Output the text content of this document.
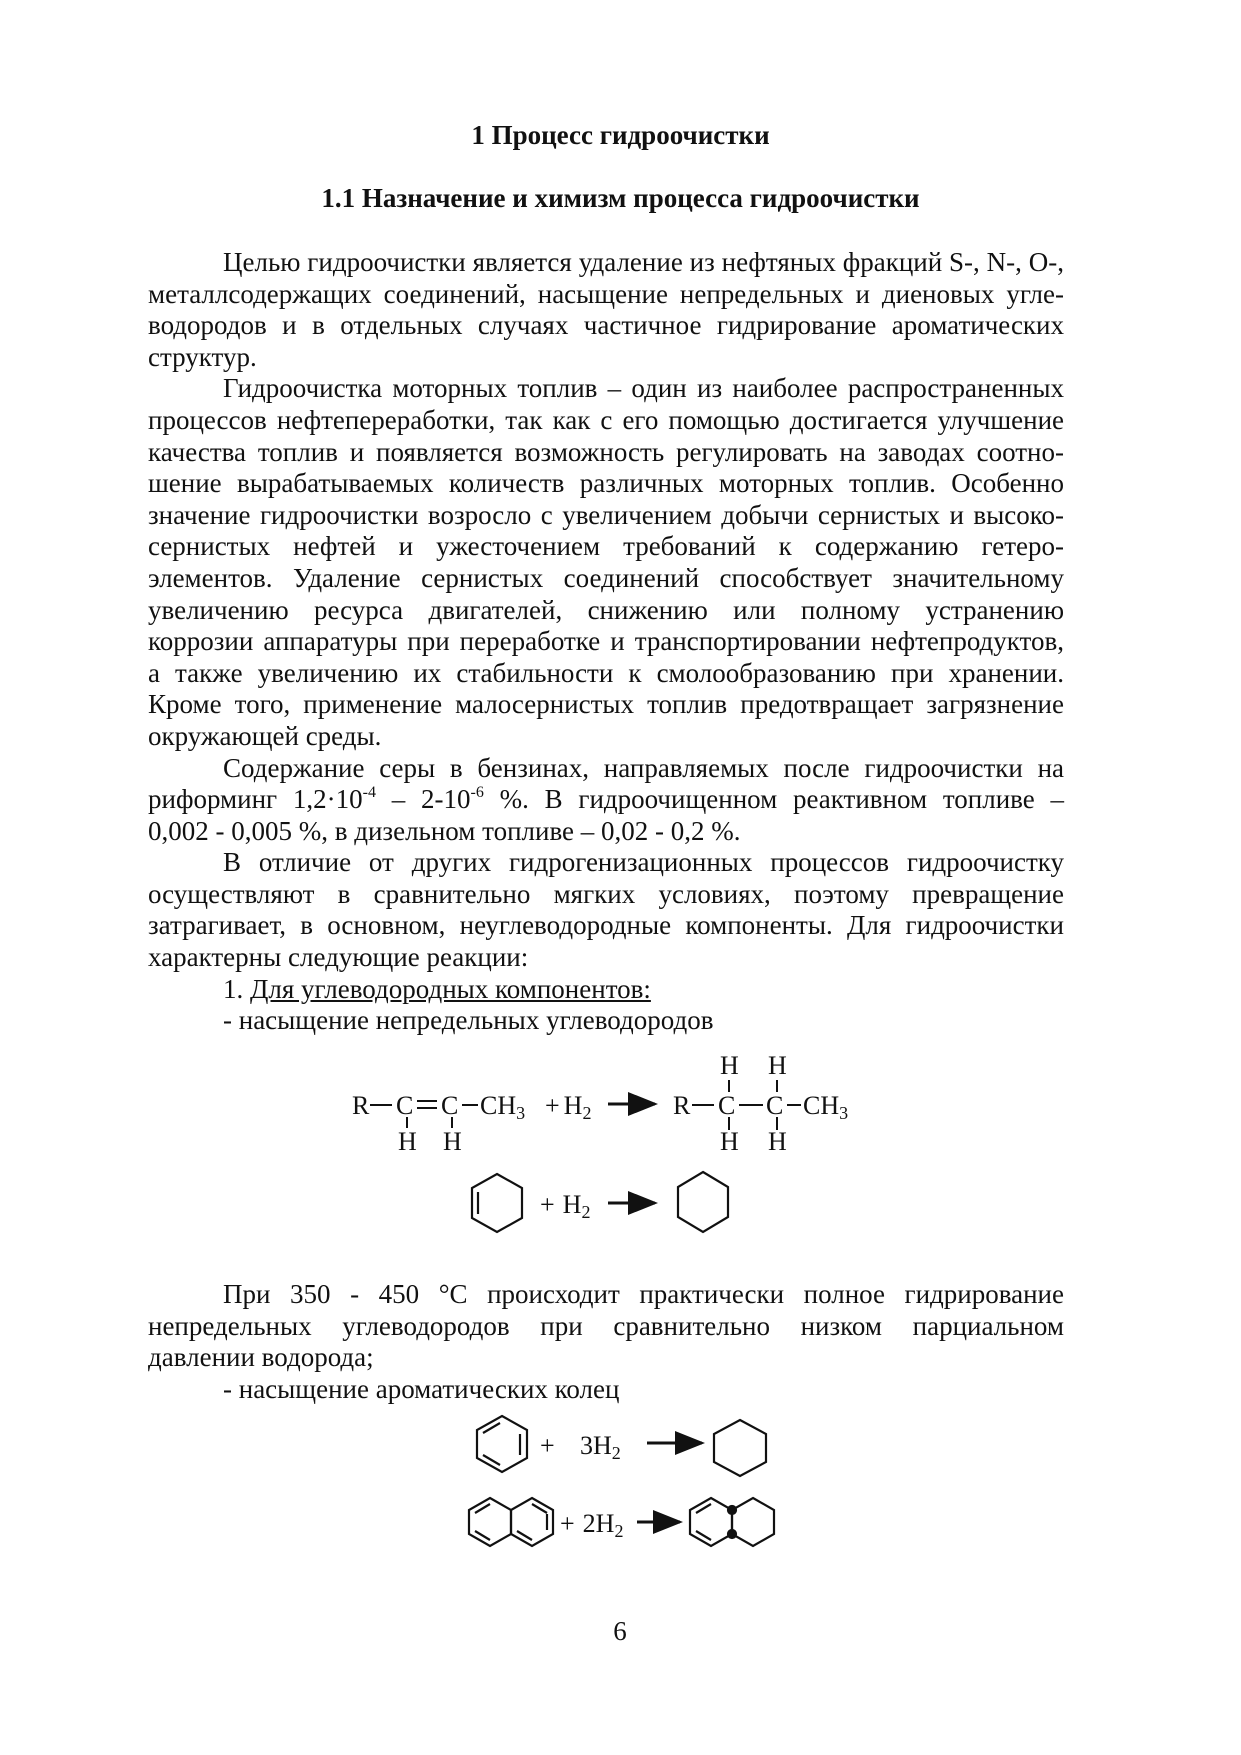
1 Процесс гидроочистки
1.1 Назначение и химизм процесса гидроочистки
Целью гидроочистки является удаление из нефтяных фракций S-, N-, O-,
металлсодержащих соединений, насыщение непредельных и диеновых угле-
водородов и в отдельных случаях частичное гидрирование ароматических
структур.
Гидроочистка моторных топлив – один из наиболее распространенных
процессов нефтепереработки, так как с его помощью достигается улучшение
качества топлив и появляется возможность регулировать на заводах соотно-
шение вырабатываемых количеств различных моторных топлив. Особенно
значение гидроочистки возросло с увеличением добычи сернистых и высоко-
сернистых нефтей и ужесточением требований к содержанию гетеро-
элементов. Удаление сернистых соединений способствует значительному
увеличению ресурса двигателей, снижению или полному устранению
коррозии аппаратуры при переработке и транспортировании нефтепродуктов,
а также увеличению их стабильности к смолообразованию при хранении.
Кроме того, применение малосернистых топлив предотвращает загрязнение
окружающей среды.
Содержание серы в бензинах, направляемых после гидроочистки на
риформинг $1,2\cdot 10^{-4} - 2-10^{-6}$ %. В гидроочищенном реактивном топливе –
0,002 - 0,005 %, в дизельном топливе – 0,02 - 0,2 %.
В отличие от других гидрогенизационных процессов гидроочистку
осуществляют в сравнительно мягких условиях, поэтому превращение
затрагивает, в основном, неуглеводородные компоненты. Для гидроочистки
характерны следующие реакции:
1. Для углеводородных компонентов:
- насыщение непредельных углеводородов
При 350 - 450 °С происходит практически полное гидрирование
непредельных углеводородов при сравнительно низком парциальном
давлении водорода;
- насыщение ароматических колец
R C C CH3
H H
+ H2	R C C CH3
H H
H H
+ H2
+ 3H2
+ 2H2
6
